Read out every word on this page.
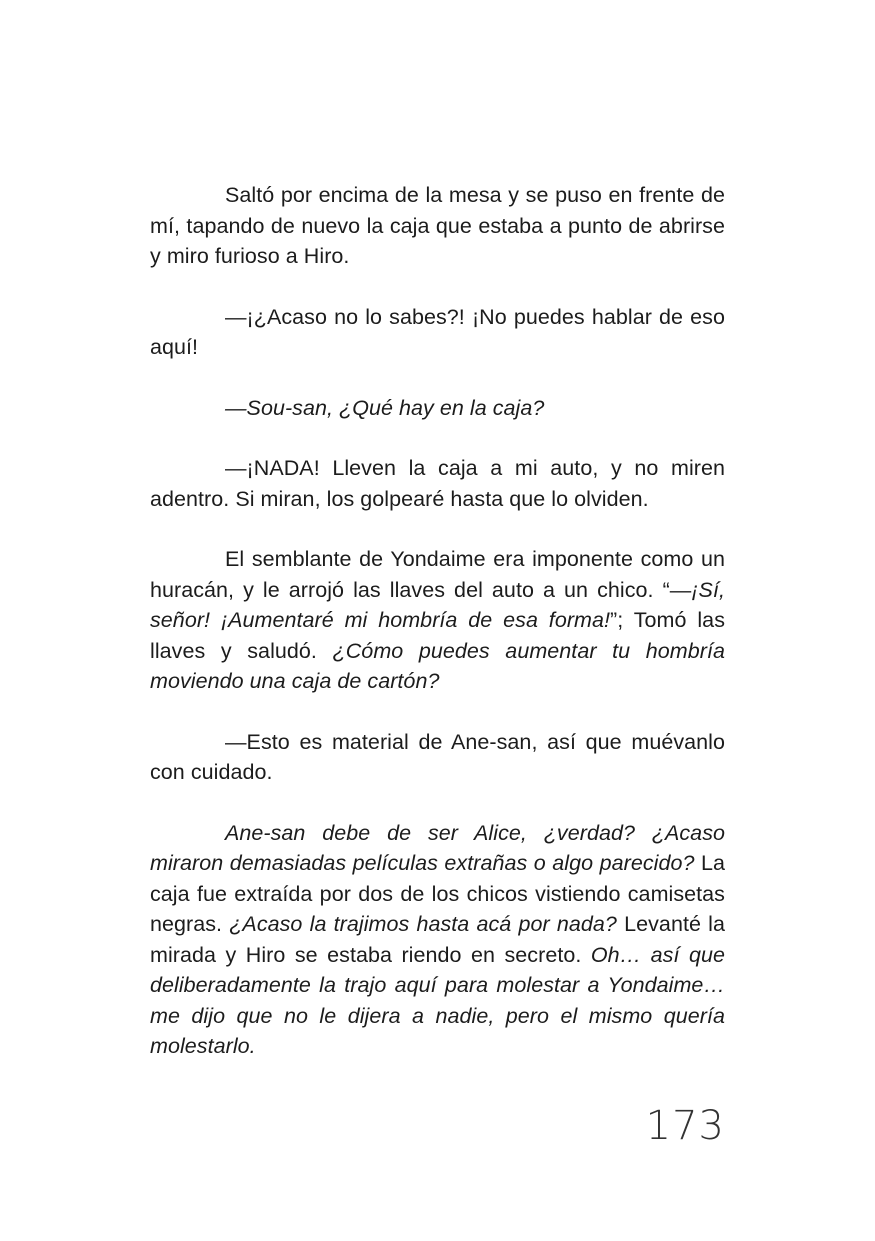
Saltó por encima de la mesa y se puso en frente de mí, tapando de nuevo la caja que estaba a punto de abrirse y miro furioso a Hiro.

—¡¿Acaso no lo sabes?! ¡No puedes hablar de eso aquí!

—Sou-san, ¿Qué hay en la caja?

—¡NADA! Lleven la caja a mi auto, y no miren adentro. Si miran, los golpearé hasta que lo olviden.

El semblante de Yondaime era imponente como un huracán, y le arrojó las llaves del auto a un chico. “—¡Sí, señor! ¡Aumentaré mi hombría de esa forma!”; Tomó las llaves y saludó. ¿Cómo puedes aumentar tu hombría moviendo una caja de cartón?

—Esto es material de Ane-san, así que muévanlo con cuidado.

Ane-san debe de ser Alice, ¿verdad? ¿Acaso miraron demasiadas películas extrañas o algo parecido? La caja fue extraída por dos de los chicos vistiendo camisetas negras. ¿Acaso la trajimos hasta acá por nada? Levanté la mirada y Hiro se estaba riendo en secreto. Oh… así que deliberadamente la trajo aquí para molestar a Yondaime… me dijo que no le dijera a nadie, pero el mismo quería molestarlo.

173
